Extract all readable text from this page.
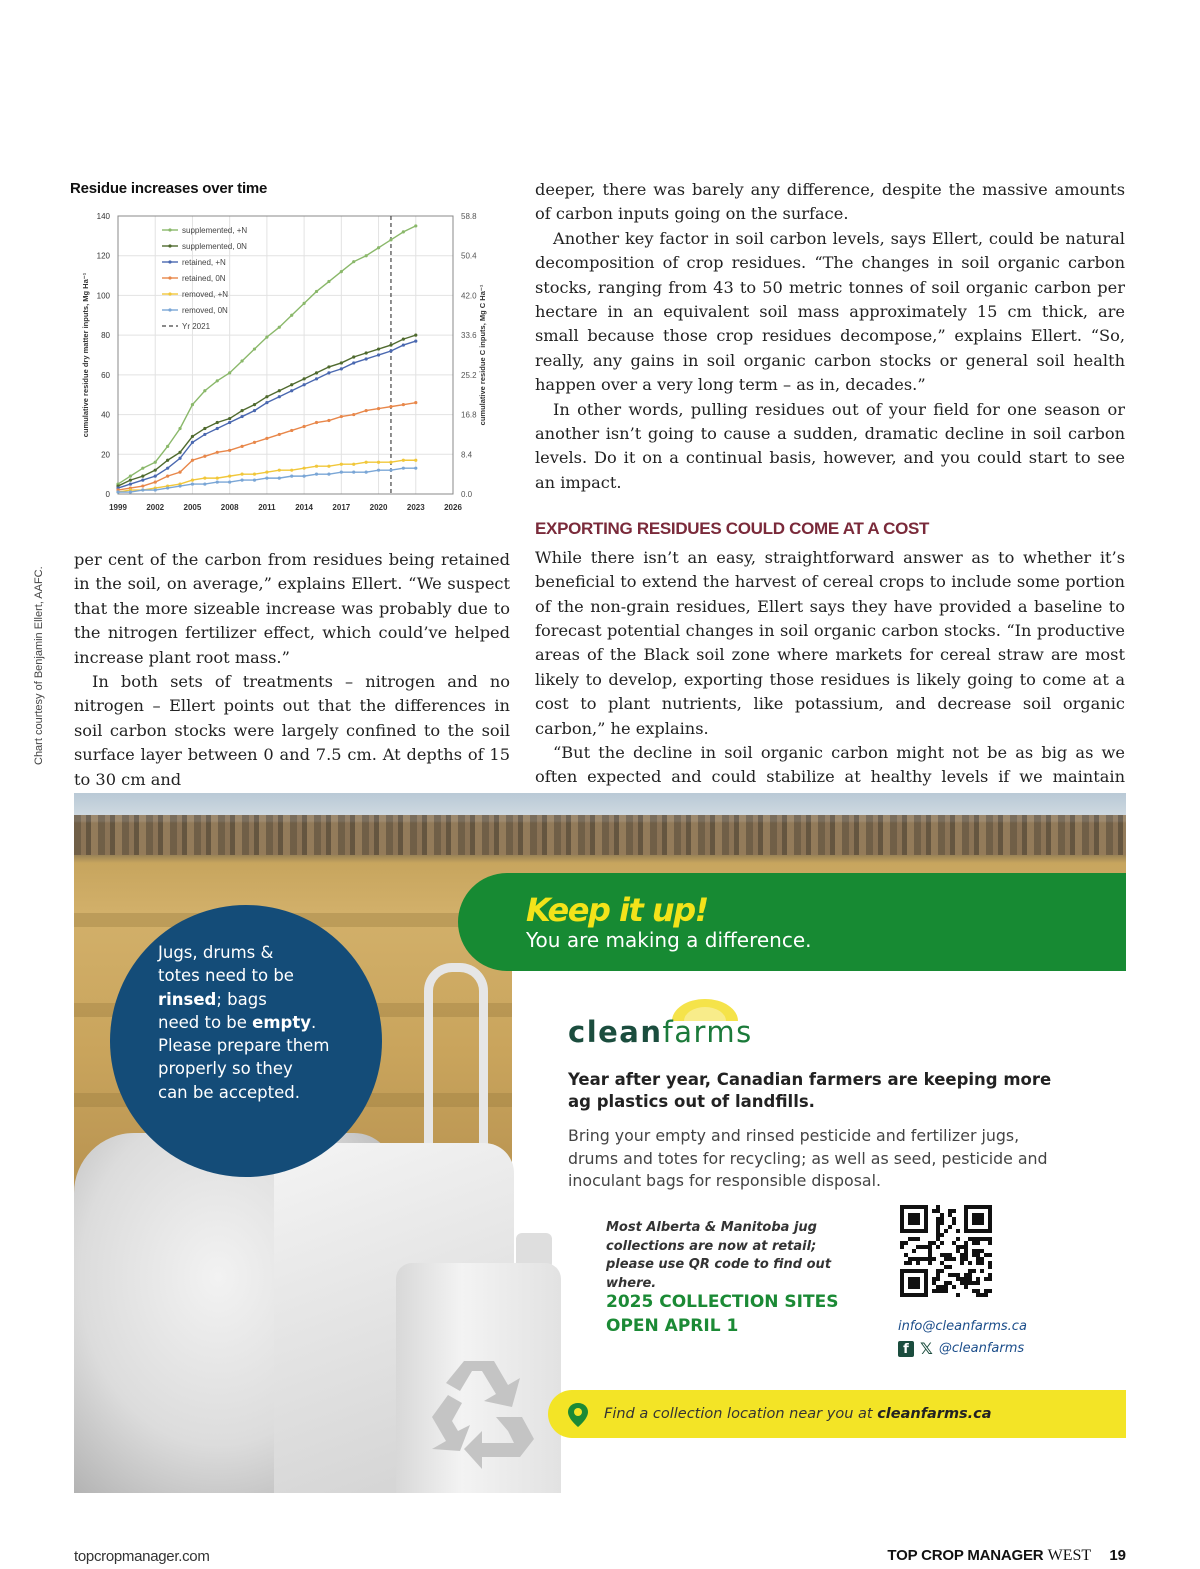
Residue increases over time
0	0.0
20	8.4
40	16.8
60	25.2
80	33.6
100	42.0
120	50.4
140	58.8
1999 2002 2005 2008 2011 2014 2017 2020 2023 2026
supplemented, +N
supplemented, 0N
retained, +N
retained, 0N
removed, +N
removed, 0N
Yr 2021
cumulative residue dry matter inputs, Mg Ha⁻¹	cumulative residue C inputs, Mg C Ha⁻¹
Chart courtesy of Benjamin Ellert, AAFC.

per cent of the carbon from residues being retained in the soil, on average,” explains Ellert. “We suspect that the more sizeable increase was probably due to the nitrogen fertilizer effect, which could’ve helped increase plant root mass.”

In both sets of treatments – nitrogen and no nitrogen – Ellert points out that the differences in soil carbon stocks were largely confined to the soil surface layer between 0 and 7.5 cm. At depths of 15 to 30 cm and

deeper, there was barely any difference, despite the massive amounts of carbon inputs going on the surface.

Another key factor in soil carbon levels, says Ellert, could be natural decomposition of crop residues. “The changes in soil organic carbon stocks, ranging from 43 to 50 metric tonnes of soil organic carbon per hectare in an equivalent soil mass approximately 15 cm thick, are small because those crop residues decompose,” explains Ellert. “So, really, any gains in soil organic carbon stocks or general soil health happen over a very long term – as in, decades.”

In other words, pulling residues out of your field for one season or another isn’t going to cause a sudden, dramatic decline in soil carbon levels. Do it on a continual basis, however, and you could start to see an impact.

EXPORTING RESIDUES COULD COME AT A COST

While there isn’t an easy, straightforward answer as to whether it’s beneficial to extend the harvest of cereal crops to include some portion of the non-grain residues, Ellert says they have provided a baseline to forecast potential changes in soil organic carbon stocks. “In productive areas of the Black soil zone where markets for cereal straw are most likely to develop, exporting those residues is likely going to come at a cost to plant nutrients, like potassium, and decrease soil organic carbon,” he explains.

“But the decline in soil organic carbon might not be as big as we often expected and could stabilize at healthy levels if we maintain

Keep it up!
You are making a difference.
Jugs, drums &
totes need to be
rinsed; bags
need to be empty.
Please prepare them
properly so they
can be accepted.
cleanfarms
Year after year, Canadian farmers are keeping more ag plastics out of landfills.
Bring your empty and rinsed pesticide and fertilizer jugs, drums and totes for recycling; as well as seed, pesticide and inoculant bags for responsible disposal.
Most Alberta & Manitoba jug collections are now at retail; please use QR code to find out where.
2025 COLLECTION SITES OPEN APRIL 1	info@cleanfarms.ca
f 𝕏 @cleanfarms
Find a collection location near you at cleanfarms.ca
topcropmanager.com	TOP CROP MANAGER WEST 19
